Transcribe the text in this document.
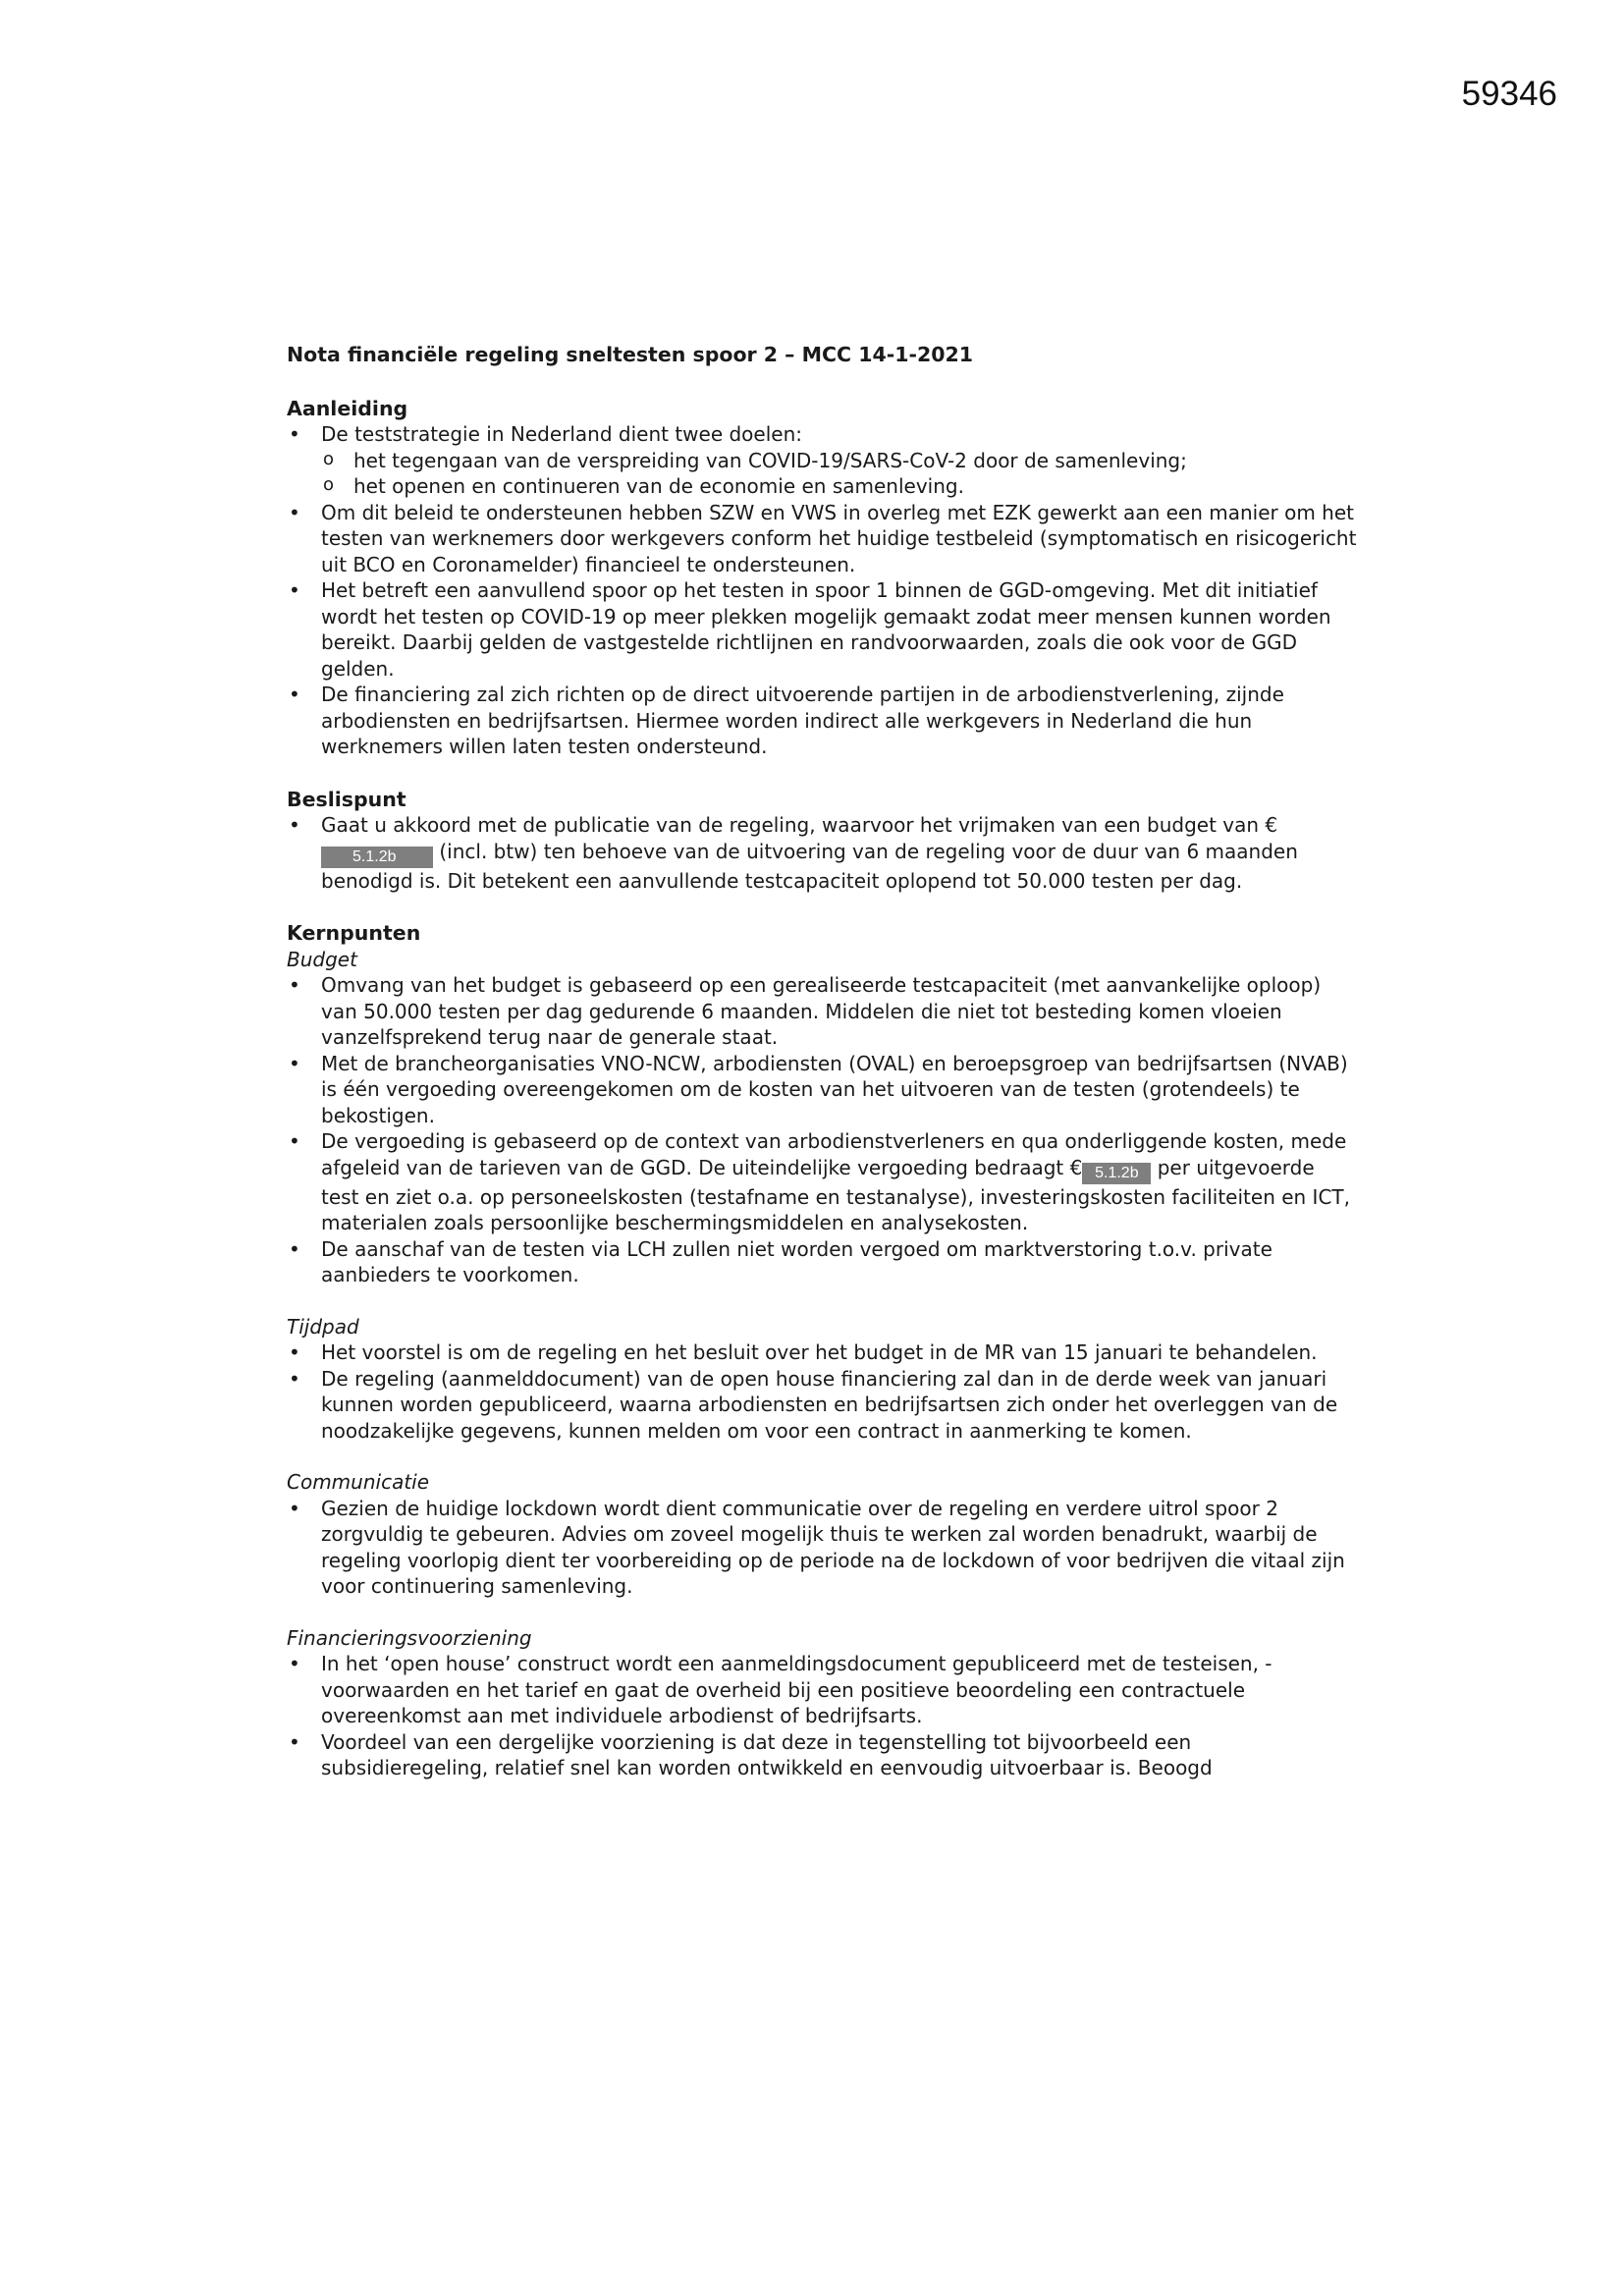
59346

Nota financiële regeling sneltesten spoor 2 – MCC 14-1-2021

Aanleiding

• De teststrategie in Nederland dient twee doelen:
o het tegengaan van de verspreiding van COVID-19/SARS-CoV-2 door de samenleving;
o het openen en continueren van de economie en samenleving.
• Om dit beleid te ondersteunen hebben SZW en VWS in overleg met EZK gewerkt aan een manier om het testen van werknemers door werkgevers conform het huidige testbeleid (symptomatisch en risicogericht uit BCO en Coronamelder) financieel te ondersteunen.
• Het betreft een aanvullend spoor op het testen in spoor 1 binnen de GGD-omgeving. Met dit initiatief wordt het testen op COVID-19 op meer plekken mogelijk gemaakt zodat meer mensen kunnen worden bereikt. Daarbij gelden de vastgestelde richtlijnen en randvoorwaarden, zoals die ook voor de GGD gelden.
• De financiering zal zich richten op de direct uitvoerende partijen in de arbodienstverlening, zijnde arbodiensten en bedrijfsartsen. Hiermee worden indirect alle werkgevers in Nederland die hun werknemers willen laten testen ondersteund.

Beslispunt

• Gaat u akkoord met de publicatie van de regeling, waarvoor het vrijmaken van een budget van €5.1.2b (incl. btw) ten behoeve van de uitvoering van de regeling voor de duur van 6 maanden benodigd is. Dit betekent een aanvullende testcapaciteit oplopend tot 50.000 testen per dag.

Kernpunten

Budget

• Omvang van het budget is gebaseerd op een gerealiseerde testcapaciteit (met aanvankelijke oploop) van 50.000 testen per dag gedurende 6 maanden. Middelen die niet tot besteding komen vloeien vanzelfsprekend terug naar de generale staat.
• Met de brancheorganisaties VNO-NCW, arbodiensten (OVAL) en beroepsgroep van bedrijfsartsen (NVAB) is één vergoeding overeengekomen om de kosten van het uitvoeren van de testen (grotendeels) te bekostigen.
• De vergoeding is gebaseerd op de context van arbodienstverleners en qua onderliggende kosten, mede afgeleid van de tarieven van de GGD. De uiteindelijke vergoeding bedraagt € 5.1.2b per uitgevoerde test en ziet o.a. op personeelskosten (testafname en testanalyse), investeringskosten faciliteiten en ICT, materialen zoals persoonlijke beschermingsmiddelen en analysekosten.
• De aanschaf van de testen via LCH zullen niet worden vergoed om marktverstoring t.o.v. private aanbieders te voorkomen.

Tijdpad

• Het voorstel is om de regeling en het besluit over het budget in de MR van 15 januari te behandelen.
• De regeling (aanmelddocument) van de open house financiering zal dan in de derde week van januari kunnen worden gepubliceerd, waarna arbodiensten en bedrijfsartsen zich onder het overleggen van de noodzakelijke gegevens, kunnen melden om voor een contract in aanmerking te komen.

Communicatie

• Gezien de huidige lockdown wordt dient communicatie over de regeling en verdere uitrol spoor 2 zorgvuldig te gebeuren. Advies om zoveel mogelijk thuis te werken zal worden benadrukt, waarbij de regeling voorlopig dient ter voorbereiding op de periode na de lockdown of voor bedrijven die vitaal zijn voor continuering samenleving.

Financieringsvoorziening

• In het ‘open house’ construct wordt een aanmeldingsdocument gepubliceerd met de testeisen, -voorwaarden en het tarief en gaat de overheid bij een positieve beoordeling een contractuele overeenkomst aan met individuele arbodienst of bedrijfsarts.
• Voordeel van een dergelijke voorziening is dat deze in tegenstelling tot bijvoorbeeld een subsidieregeling, relatief snel kan worden ontwikkeld en eenvoudig uitvoerbaar is. Beoogd
